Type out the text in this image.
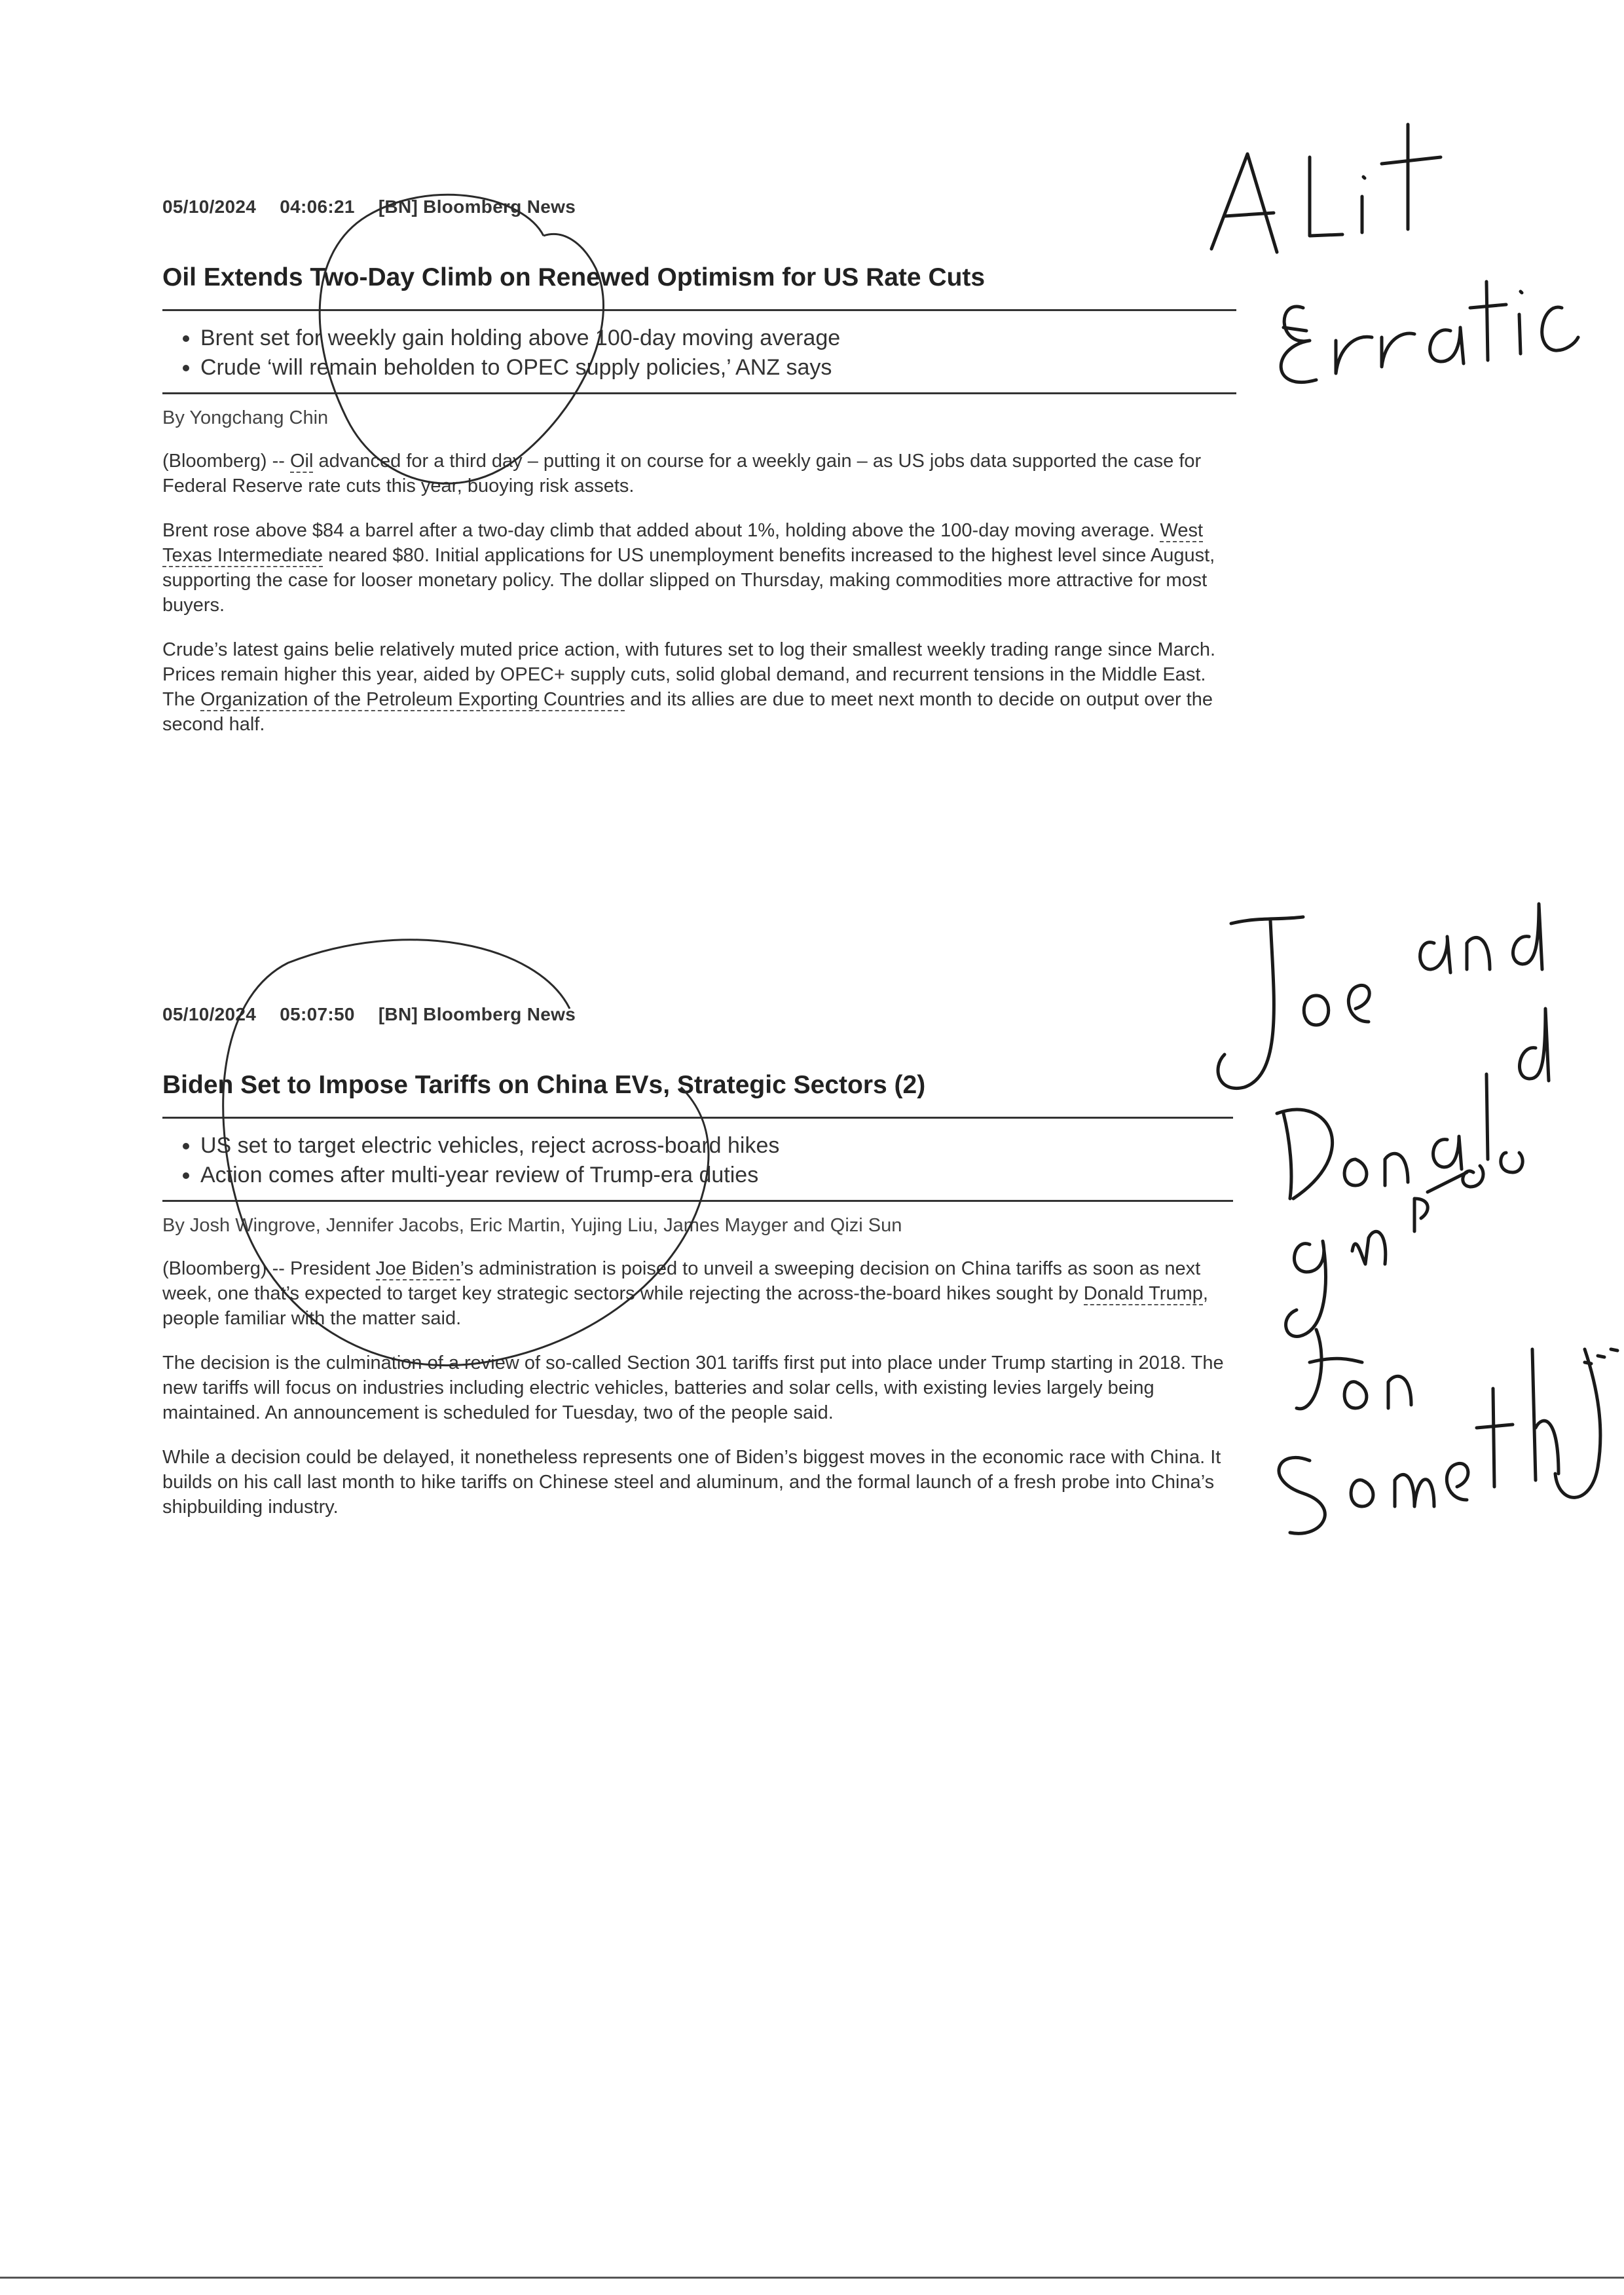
05/10/2024 04:06:21 [BN] Bloomberg News
Oil Extends Two-Day Climb on Renewed Optimism for US Rate Cuts
• Brent set for weekly gain holding above 100-day moving average
• Crude ‘will remain beholden to OPEC supply policies,’ ANZ says
By Yongchang Chin

(Bloomberg) -- Oil advanced for a third day – putting it on course for a weekly gain – as US jobs data supported the case for Federal Reserve rate cuts this year, buoying risk assets.

Brent rose above $84 a barrel after a two-day climb that added about 1%, holding above the 100-day moving average. West Texas Intermediate neared $80. Initial applications for US unemployment benefits increased to the highest level since August, supporting the case for looser monetary policy. The dollar slipped on Thursday, making commodities more attractive for most buyers.

Crude’s latest gains belie relatively muted price action, with futures set to log their smallest weekly trading range since March. Prices remain higher this year, aided by OPEC+ supply cuts, solid global demand, and recurrent tensions in the Middle East. The Organization of the Petroleum Exporting Countries and its allies are due to meet next month to decide on output over the second half.

05/10/2024 05:07:50 [BN] Bloomberg News
Biden Set to Impose Tariffs on China EVs, Strategic Sectors (2)
• US set to target electric vehicles, reject across-board hikes
• Action comes after multi-year review of Trump-era duties
By Josh Wingrove, Jennifer Jacobs, Eric Martin, Yujing Liu, James Mayger and Qizi Sun

(Bloomberg) -- President Joe Biden’s administration is poised to unveil a sweeping decision on China tariffs as soon as next week, one that’s expected to target key strategic sectors while rejecting the across-the-board hikes sought by Donald Trump, people familiar with the matter said.

The decision is the culmination of a review of so-called Section 301 tariffs first put into place under Trump starting in 2018. The new tariffs will focus on industries including electric vehicles, batteries and solar cells, with existing levies largely being maintained. An announcement is scheduled for Tuesday, two of the people said.

While a decision could be delayed, it nonetheless represents one of Biden’s biggest moves in the economic race with China. It builds on his call last month to hike tariffs on Chinese steel and aluminum, and the formal launch of a fresh probe into China’s shipbuilding industry.
